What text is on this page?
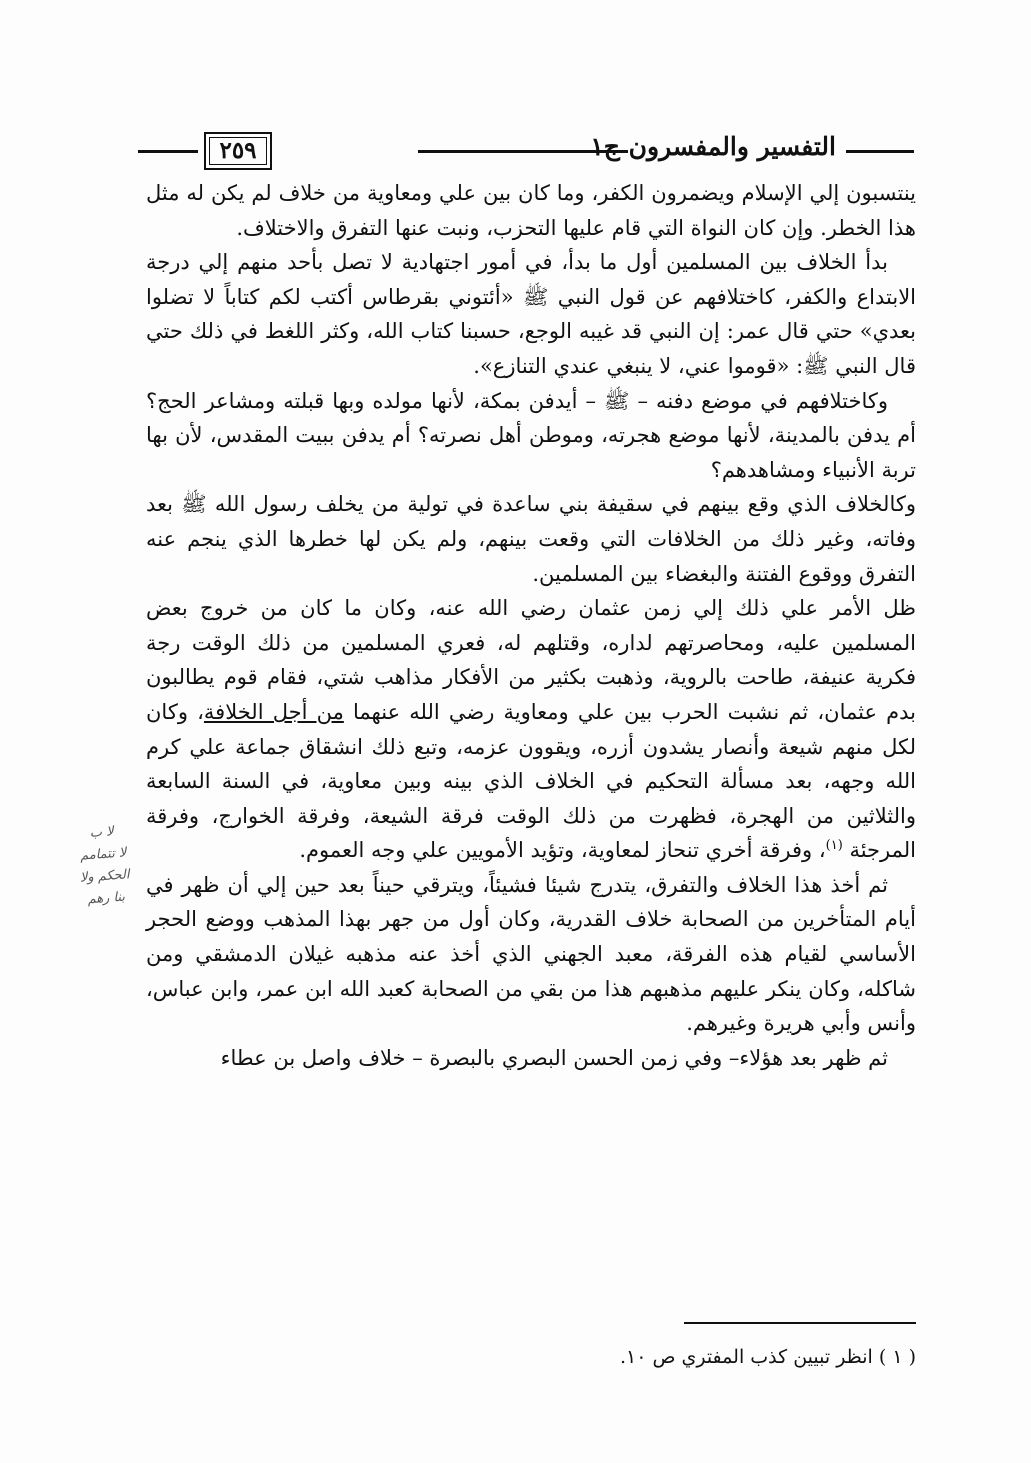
التفسير والمفسرون ج١
٢٥٩

ينتسبون إلي الإسلام ويضمرون الكفر، وما كان بين علي ومعاوية من خلاف لم يكن له مثل هذا الخطر. وإن كان النواة التي قام عليها التحزب، ونبت عنها التفرق والاختلاف.

بدأ الخلاف بين المسلمين أول ما بدأ، في أمور اجتهادية لا تصل بأحد منهم إلي درجة الابتداع والكفر، كاختلافهم عن قول النبي ﷺ «أئتوني بقرطاس أكتب لكم كتاباً لا تضلوا بعدي» حتي قال عمر: إن النبي قد غيبه الوجع، حسبنا كتاب الله، وكثر اللغط في ذلك حتي قال النبي ﷺ: «قوموا عني، لا ينبغي عندي التنازع».

وكاختلافهم في موضع دفنه – ﷺ – أيدفن بمكة، لأنها مولده وبها قبلته ومشاعر الحج؟ أم يدفن بالمدينة، لأنها موضع هجرته، وموطن أهل نصرته؟ أم يدفن ببيت المقدس، لأن بها تربة الأنبياء ومشاهدهم؟

وكالخلاف الذي وقع بينهم في سقيفة بني ساعدة في تولية من يخلف رسول الله ﷺ بعد وفاته، وغير ذلك من الخلافات التي وقعت بينهم، ولم يكن لها خطرها الذي ينجم عنه التفرق ووقوع الفتنة والبغضاء بين المسلمين.

ظل الأمر علي ذلك إلي زمن عثمان رضي الله عنه، وكان ما كان من خروج بعض المسلمين عليه، ومحاصرتهم لداره، وقتلهم له، فعري المسلمين من ذلك الوقت رجة فكرية عنيفة، طاحت بالروية، وذهبت بكثير من الأفكار مذاهب شتي، فقام قوم يطالبون بدم عثمان، ثم نشبت الحرب بين علي ومعاوية رضي الله عنهما من أجل الخلافة، وكان لكل منهم شيعة وأنصار يشدون أزره، ويقوون عزمه، وتبع ذلك انشقاق جماعة علي كرم الله وجهه، بعد مسألة التحكيم في الخلاف الذي بينه وبين معاوية، في السنة السابعة والثلاثين من الهجرة، فظهرت من ذلك الوقت فرقة الشيعة، وفرقة الخوارج، وفرقة المرجئة $^{(١)}$، وفرقة أخري تنحاز لمعاوية، وتؤيد الأمويين علي وجه العموم.

ثم أخذ هذا الخلاف والتفرق، يتدرج شيئا فشيئاً، ويترقي حيناً بعد حين إلي أن ظهر في أيام المتأخرين من الصحابة خلاف القدرية، وكان أول من جهر بهذا المذهب ووضع الحجر الأساسي لقيام هذه الفرقة، معبد الجهني الذي أخذ عنه مذهبه غيلان الدمشقي ومن شاكله، وكان ينكر عليهم مذهبهم هذا من بقي من الصحابة كعبد الله ابن عمر، وابن عباس، وأنس وأبي هريرة وغيرهم.

ثم ظهر بعد هؤلاء– وفي زمن الحسن البصري بالبصرة – خلاف واصل بن عطاء

لا ب
لا تتمامم
الحكم ولا
بنا رهم
( ١ ) انظر تبيين كذب المفتري ص ١٠.
